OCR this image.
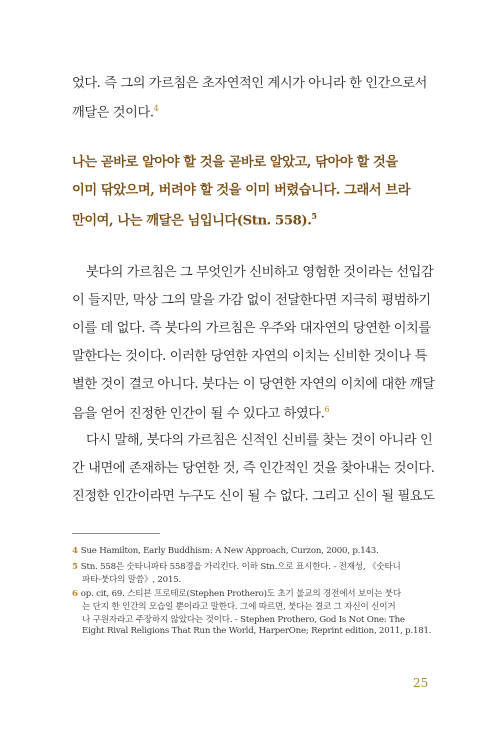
었다. 즉 그의 가르침은 초자연적인 계시가 아니라 한 인간으로서
깨달은 것이다.$^4$
나는 곧바로 알아야 할 것을 곧바로 알았고, 닦아야 할 것을
이미 닦았으며, 버려야 할 것을 이미 버렸습니다. 그래서 브라
만이여, 나는 깨달은 님입니다(Stn. 558).$^5$
붓다의 가르침은 그 무엇인가 신비하고 영험한 것이라는 선입감
이 들지만, 막상 그의 말을 가감 없이 전달한다면 지극히 평범하기
이를 데 없다. 즉 붓다의 가르침은 우주와 대자연의 당연한 이치를
말한다는 것이다. 이러한 당연한 자연의 이치는 신비한 것이나 특
별한 것이 결코 아니다. 붓다는 이 당연한 자연의 이치에 대한 깨달
음을 얻어 진정한 인간이 될 수 있다고 하였다.$^6$
다시 말해, 붓다의 가르침은 신적인 신비를 찾는 것이 아니라 인
간 내면에 존재하는 당연한 것, 즉 인간적인 것을 찾아내는 것이다.
진정한 인간이라면 누구도 신이 될 수 없다. 그리고 신이 될 필요도
4 Sue Hamilton, Early Buddhism: A New Approach, Curzon, 2000, p.143.
5 Stn. 558은 숫타니파타 558경을 가리킨다. 이하 Stn.으로 표시한다. - 전재성, 《숫타니
파타-붓다의 말씀》, 2015.
6 op. cit, 69. 스티븐 프로테로(Stephen Prothero)도 초기 불교의 경전에서 보이는 붓다
는 단지 한 인간의 모습일 뿐이라고 말한다. 그에 따르면, 붓다는 결코 그 자신이 신이거
나 구원자라고 주장하지 않았다는 것이다. - Stephen Prothero, God Is Not One: The
Eight Rival Religions That Run the World, HarperOne; Reprint edition, 2011, p.181.
25
